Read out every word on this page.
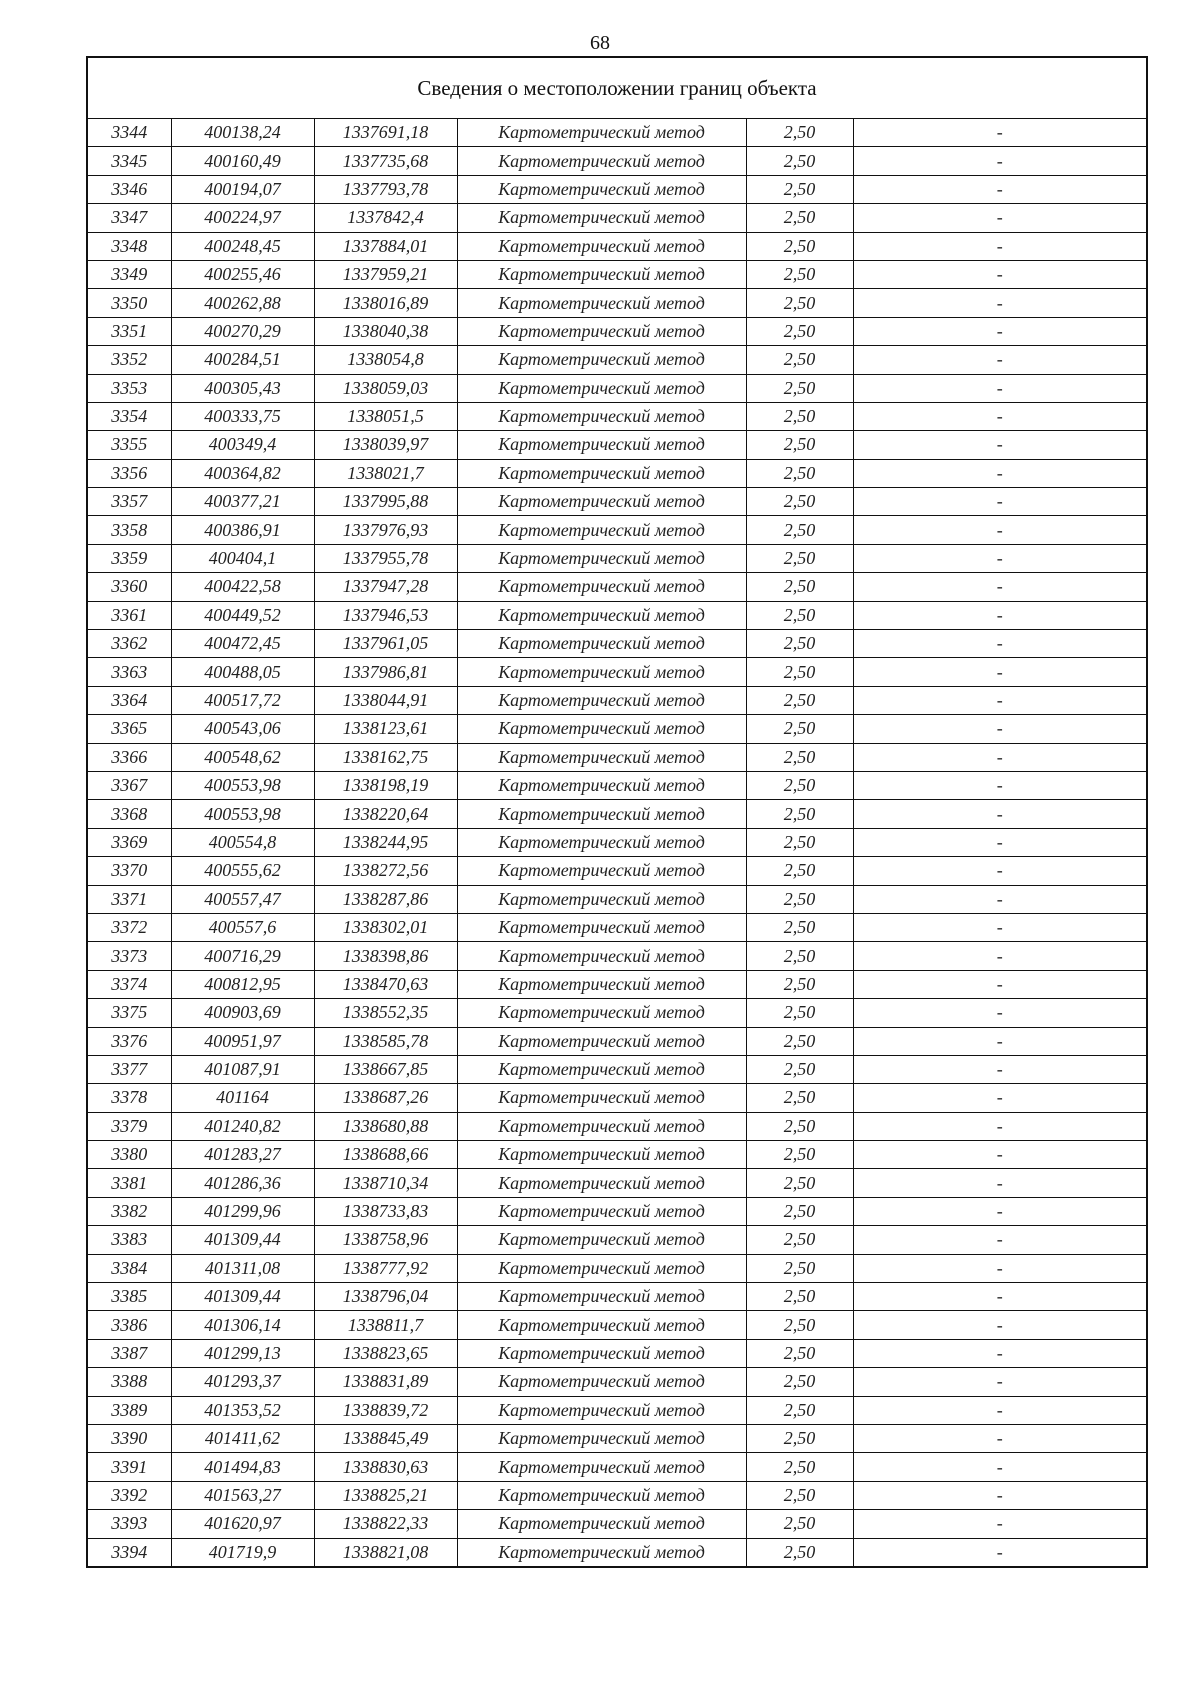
68
Сведения о местоположении границ объекта					
3344	400138,24	1337691,18	Картометрический метод	2,50	-
3345	400160,49	1337735,68	Картометрический метод	2,50	-
3346	400194,07	1337793,78	Картометрический метод	2,50	-
3347	400224,97	1337842,4	Картометрический метод	2,50	-
3348	400248,45	1337884,01	Картометрический метод	2,50	-
3349	400255,46	1337959,21	Картометрический метод	2,50	-
3350	400262,88	1338016,89	Картометрический метод	2,50	-
3351	400270,29	1338040,38	Картометрический метод	2,50	-
3352	400284,51	1338054,8	Картометрический метод	2,50	-
3353	400305,43	1338059,03	Картометрический метод	2,50	-
3354	400333,75	1338051,5	Картометрический метод	2,50	-
3355	400349,4	1338039,97	Картометрический метод	2,50	-
3356	400364,82	1338021,7	Картометрический метод	2,50	-
3357	400377,21	1337995,88	Картометрический метод	2,50	-
3358	400386,91	1337976,93	Картометрический метод	2,50	-
3359	400404,1	1337955,78	Картометрический метод	2,50	-
3360	400422,58	1337947,28	Картометрический метод	2,50	-
3361	400449,52	1337946,53	Картометрический метод	2,50	-
3362	400472,45	1337961,05	Картометрический метод	2,50	-
3363	400488,05	1337986,81	Картометрический метод	2,50	-
3364	400517,72	1338044,91	Картометрический метод	2,50	-
3365	400543,06	1338123,61	Картометрический метод	2,50	-
3366	400548,62	1338162,75	Картометрический метод	2,50	-
3367	400553,98	1338198,19	Картометрический метод	2,50	-
3368	400553,98	1338220,64	Картометрический метод	2,50	-
3369	400554,8	1338244,95	Картометрический метод	2,50	-
3370	400555,62	1338272,56	Картометрический метод	2,50	-
3371	400557,47	1338287,86	Картометрический метод	2,50	-
3372	400557,6	1338302,01	Картометрический метод	2,50	-
3373	400716,29	1338398,86	Картометрический метод	2,50	-
3374	400812,95	1338470,63	Картометрический метод	2,50	-
3375	400903,69	1338552,35	Картометрический метод	2,50	-
3376	400951,97	1338585,78	Картометрический метод	2,50	-
3377	401087,91	1338667,85	Картометрический метод	2,50	-
3378	401164	1338687,26	Картометрический метод	2,50	-
3379	401240,82	1338680,88	Картометрический метод	2,50	-
3380	401283,27	1338688,66	Картометрический метод	2,50	-
3381	401286,36	1338710,34	Картометрический метод	2,50	-
3382	401299,96	1338733,83	Картометрический метод	2,50	-
3383	401309,44	1338758,96	Картометрический метод	2,50	-
3384	401311,08	1338777,92	Картометрический метод	2,50	-
3385	401309,44	1338796,04	Картометрический метод	2,50	-
3386	401306,14	1338811,7	Картометрический метод	2,50	-
3387	401299,13	1338823,65	Картометрический метод	2,50	-
3388	401293,37	1338831,89	Картометрический метод	2,50	-
3389	401353,52	1338839,72	Картометрический метод	2,50	-
3390	401411,62	1338845,49	Картометрический метод	2,50	-
3391	401494,83	1338830,63	Картометрический метод	2,50	-
3392	401563,27	1338825,21	Картометрический метод	2,50	-
3393	401620,97	1338822,33	Картометрический метод	2,50	-
3394	401719,9	1338821,08	Картометрический метод	2,50	-
